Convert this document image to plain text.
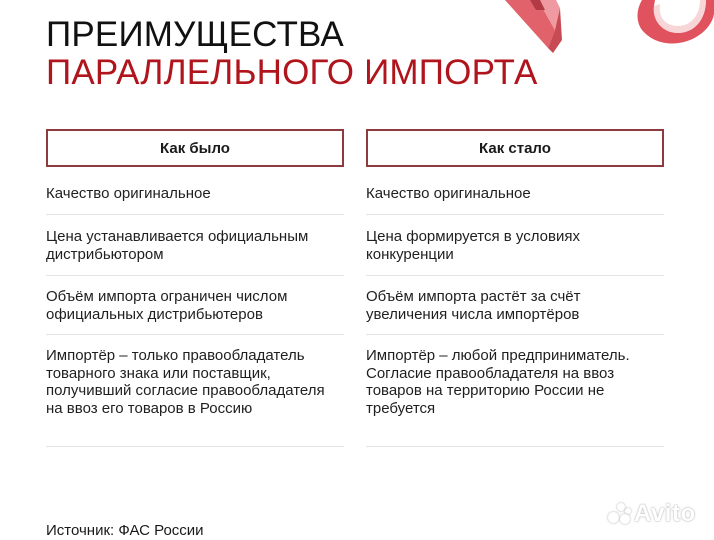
ПРЕИМУЩЕСТВА
ПАРАЛЛЕЛЬНОГО ИМПОРТА
Как было
Качество оригинальное
Цена устанавливается официальным дистрибьютором
Объём импорта ограничен числом официальных дистрибьютеров
Импортёр – только правообладатель товарного знака или поставщик, получивший согласие правообладателя на ввоз его товаров в Россию
Как стало
Качество оригинальное
Цена формируется в условиях конкуренции
Объём импорта растёт за счёт увеличения числа импортёров
Импортёр – любой предприниматель. Согласие правообладателя на ввоз товаров на территорию России не требуется
Источник: ФАС России
Avito
